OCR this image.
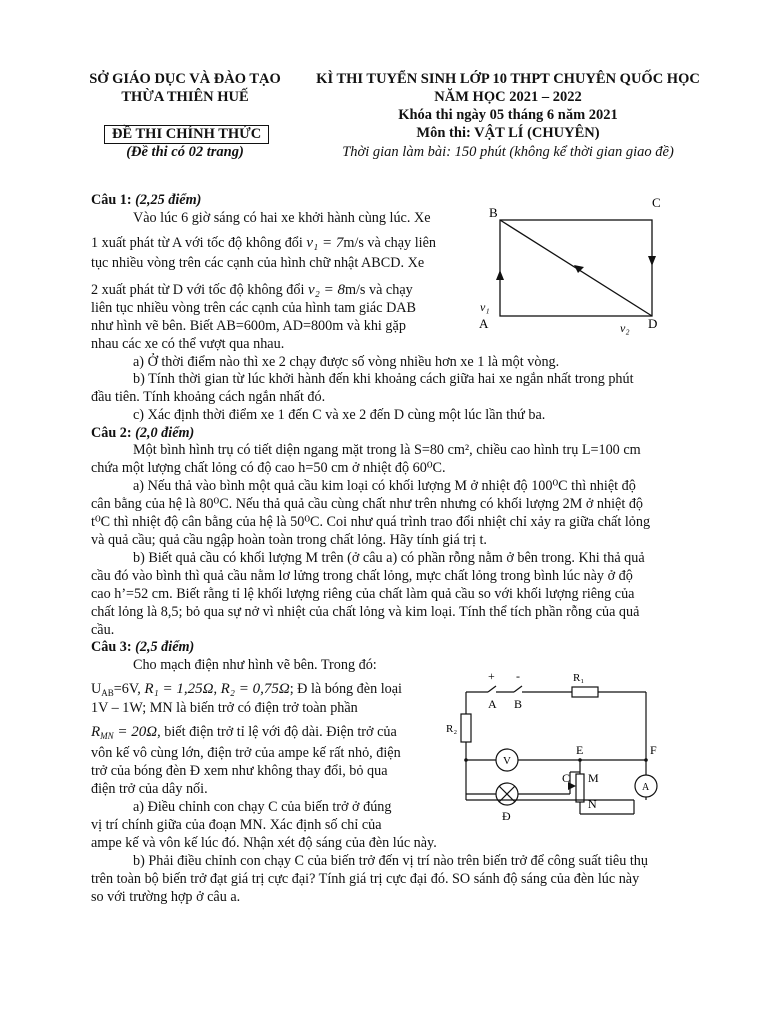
SỞ GIÁO DỤC VÀ ĐÀO TẠO
THỪA THIÊN HUẾ
ĐỀ THI CHÍNH THỨC
(Đề thi có 02 trang)
KÌ THI TUYỂN SINH LỚP 10 THPT CHUYÊN QUỐC HỌC
NĂM HỌC 2021 – 2022
Khóa thi ngày 05 tháng 6 năm 2021
Môn thi: VẬT LÍ (CHUYÊN)
Thời gian làm bài: 150 phút (không kể thời gian giao đề)
Câu 1: (2,25 điểm)
Vào lúc 6 giờ sáng có hai xe khởi hành cùng lúc. Xe
1 xuất phát từ A với tốc độ không đổi v₁ = 7m/s và chạy liên
tục nhiều vòng trên các cạnh của hình chữ nhật ABCD. Xe
2 xuất phát từ D với tốc độ không đổi v₂ = 8m/s và chạy
liên tục nhiều vòng trên các cạnh của hình tam giác DAB
như hình vẽ bên. Biết AB=600m, AD=800m và khi gặp
nhau các xe có thể vượt qua nhau.
a) Ở thời điểm nào thì xe 2 chạy được số vòng nhiều hơn xe 1 là một vòng.
b) Tính thời gian từ lúc khởi hành đến khi khoảng cách giữa hai xe ngắn nhất trong phút
đầu tiên. Tính khoảng cách ngắn nhất đó.
c) Xác định thời điểm xe 1 đến C và xe 2 đến D cùng một lúc lần thứ ba.
B
C
A	D
v₁
v₂
Câu 2: (2,0 điểm)
Một bình hình trụ có tiết diện ngang mặt trong là S=80 cm², chiều cao hình trụ L=100 cm
chứa một lượng chất lỏng có độ cao h=50 cm ở nhiệt độ 60⁰C.
a) Nếu thả vào bình một quả cầu kim loại có khối lượng M ở nhiệt độ 100⁰C thì nhiệt độ
cân bằng của hệ là 80⁰C. Nếu thả quả cầu cùng chất như trên nhưng có khối lượng 2M ở nhiệt độ
t⁰C thì nhiệt độ cân bằng của hệ là 50⁰C. Coi như quá trình trao đổi nhiệt chỉ xảy ra giữa chất lỏng
và quả cầu; quả cầu ngập hoàn toàn trong chất lỏng. Hãy tính giá trị t.
b) Biết quả cầu có khối lượng M trên (ở câu a) có phần rỗng nằm ở bên trong. Khi thả quả
cầu đó vào bình thì quả cầu nằm lơ lửng trong chất lỏng, mực chất lỏng trong bình lúc này ở độ
cao h’=52 cm. Biết rằng tỉ lệ khối lượng riêng của chất làm quả cầu so với khối lượng riêng của
chất lỏng là 8,5; bỏ qua sự nở vì nhiệt của chất lỏng và kim loại. Tính thể tích phần rỗng của quả
cầu.
Câu 3: (2,5 điểm)
Cho mạch điện như hình vẽ bên. Trong đó:
$U_{AB}=6V$, R₁ = 1,25Ω, R₂ = 0,75Ω; Đ là bóng đèn loại
1V – 1W; MN là biến trở có điện trở toàn phần
$R_{MN} = 20\Omega$, biết điện trở tỉ lệ với độ dài. Điện trở của
vôn kế vô cùng lớn, điện trở của ampe kế rất nhỏ, điện
trở của bóng đèn Đ xem như không thay đổi, bỏ qua
điện trở của dây nối.
a) Điều chỉnh con chạy C của biến trở ở đúng
vị trí chính giữa của đoạn MN. Xác định số chỉ của
ampe kế và vôn kế lúc đó. Nhận xét độ sáng của đèn lúc này.
b) Phải điều chỉnh con chạy C của biến trở đến vị trí nào trên biến trở để công suất tiêu thụ
trên toàn bộ biến trở đạt giá trị cực đại? Tính giá trị cực đại đó. SO sánh độ sáng của đèn lúc này
so với trường hợp ở câu a.
+ -
A B
R₁
R₂
V
E	F
C M
N
A
Đ
